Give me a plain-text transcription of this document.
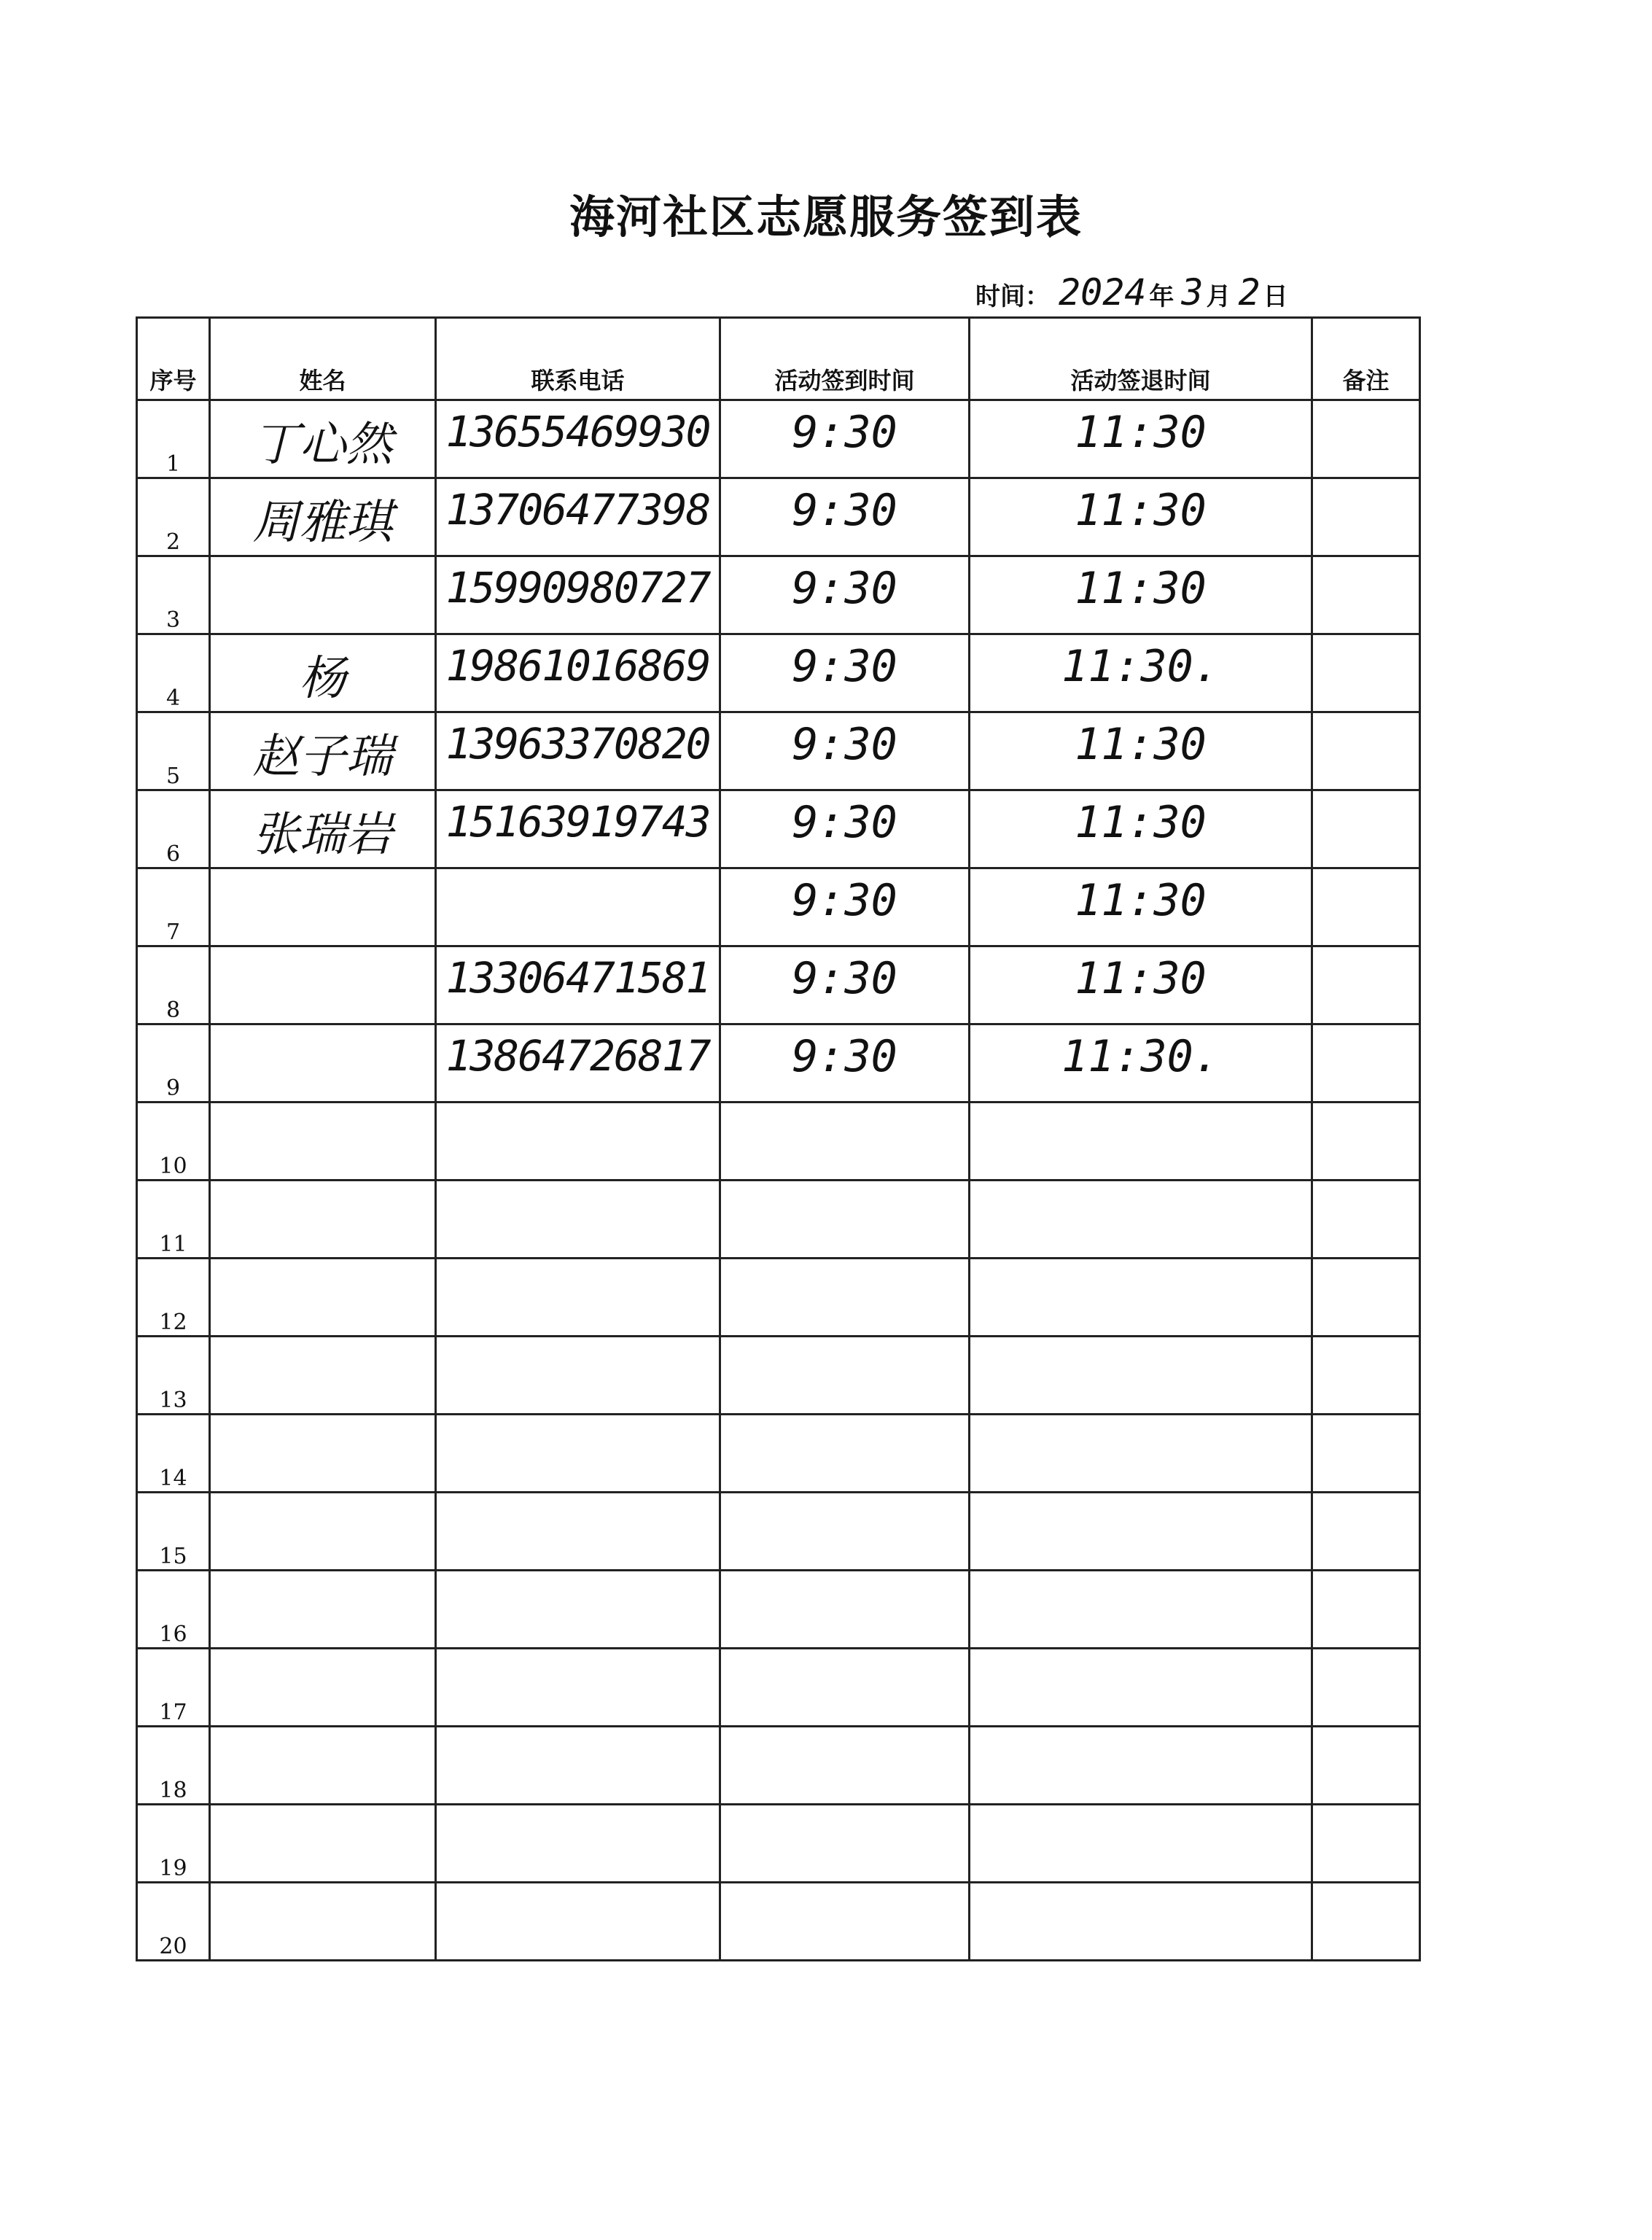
海河社区志愿服务签到表
时间： 2024 年 3 月 2 日
序号	姓名	联系电话	活动签到时间	活动签退时间	备注
1	丁心然	13655469930	9:30	11:30	

2	周雅琪	13706477398	9:30	11:30	

3		15990980727	9:30	11:30	

4	杨	19861016869	9:30	11:30.	

5	赵子瑞	13963370820	9:30	11:30	

6	张瑞岩	15163919743	9:30	11:30	

7			9:30	11:30	

8		13306471581	9:30	11:30	

9		13864726817	9:30	11:30.	

10	

11	

12	

13	

14	

15	

16	

17	

18	

19	

20	
